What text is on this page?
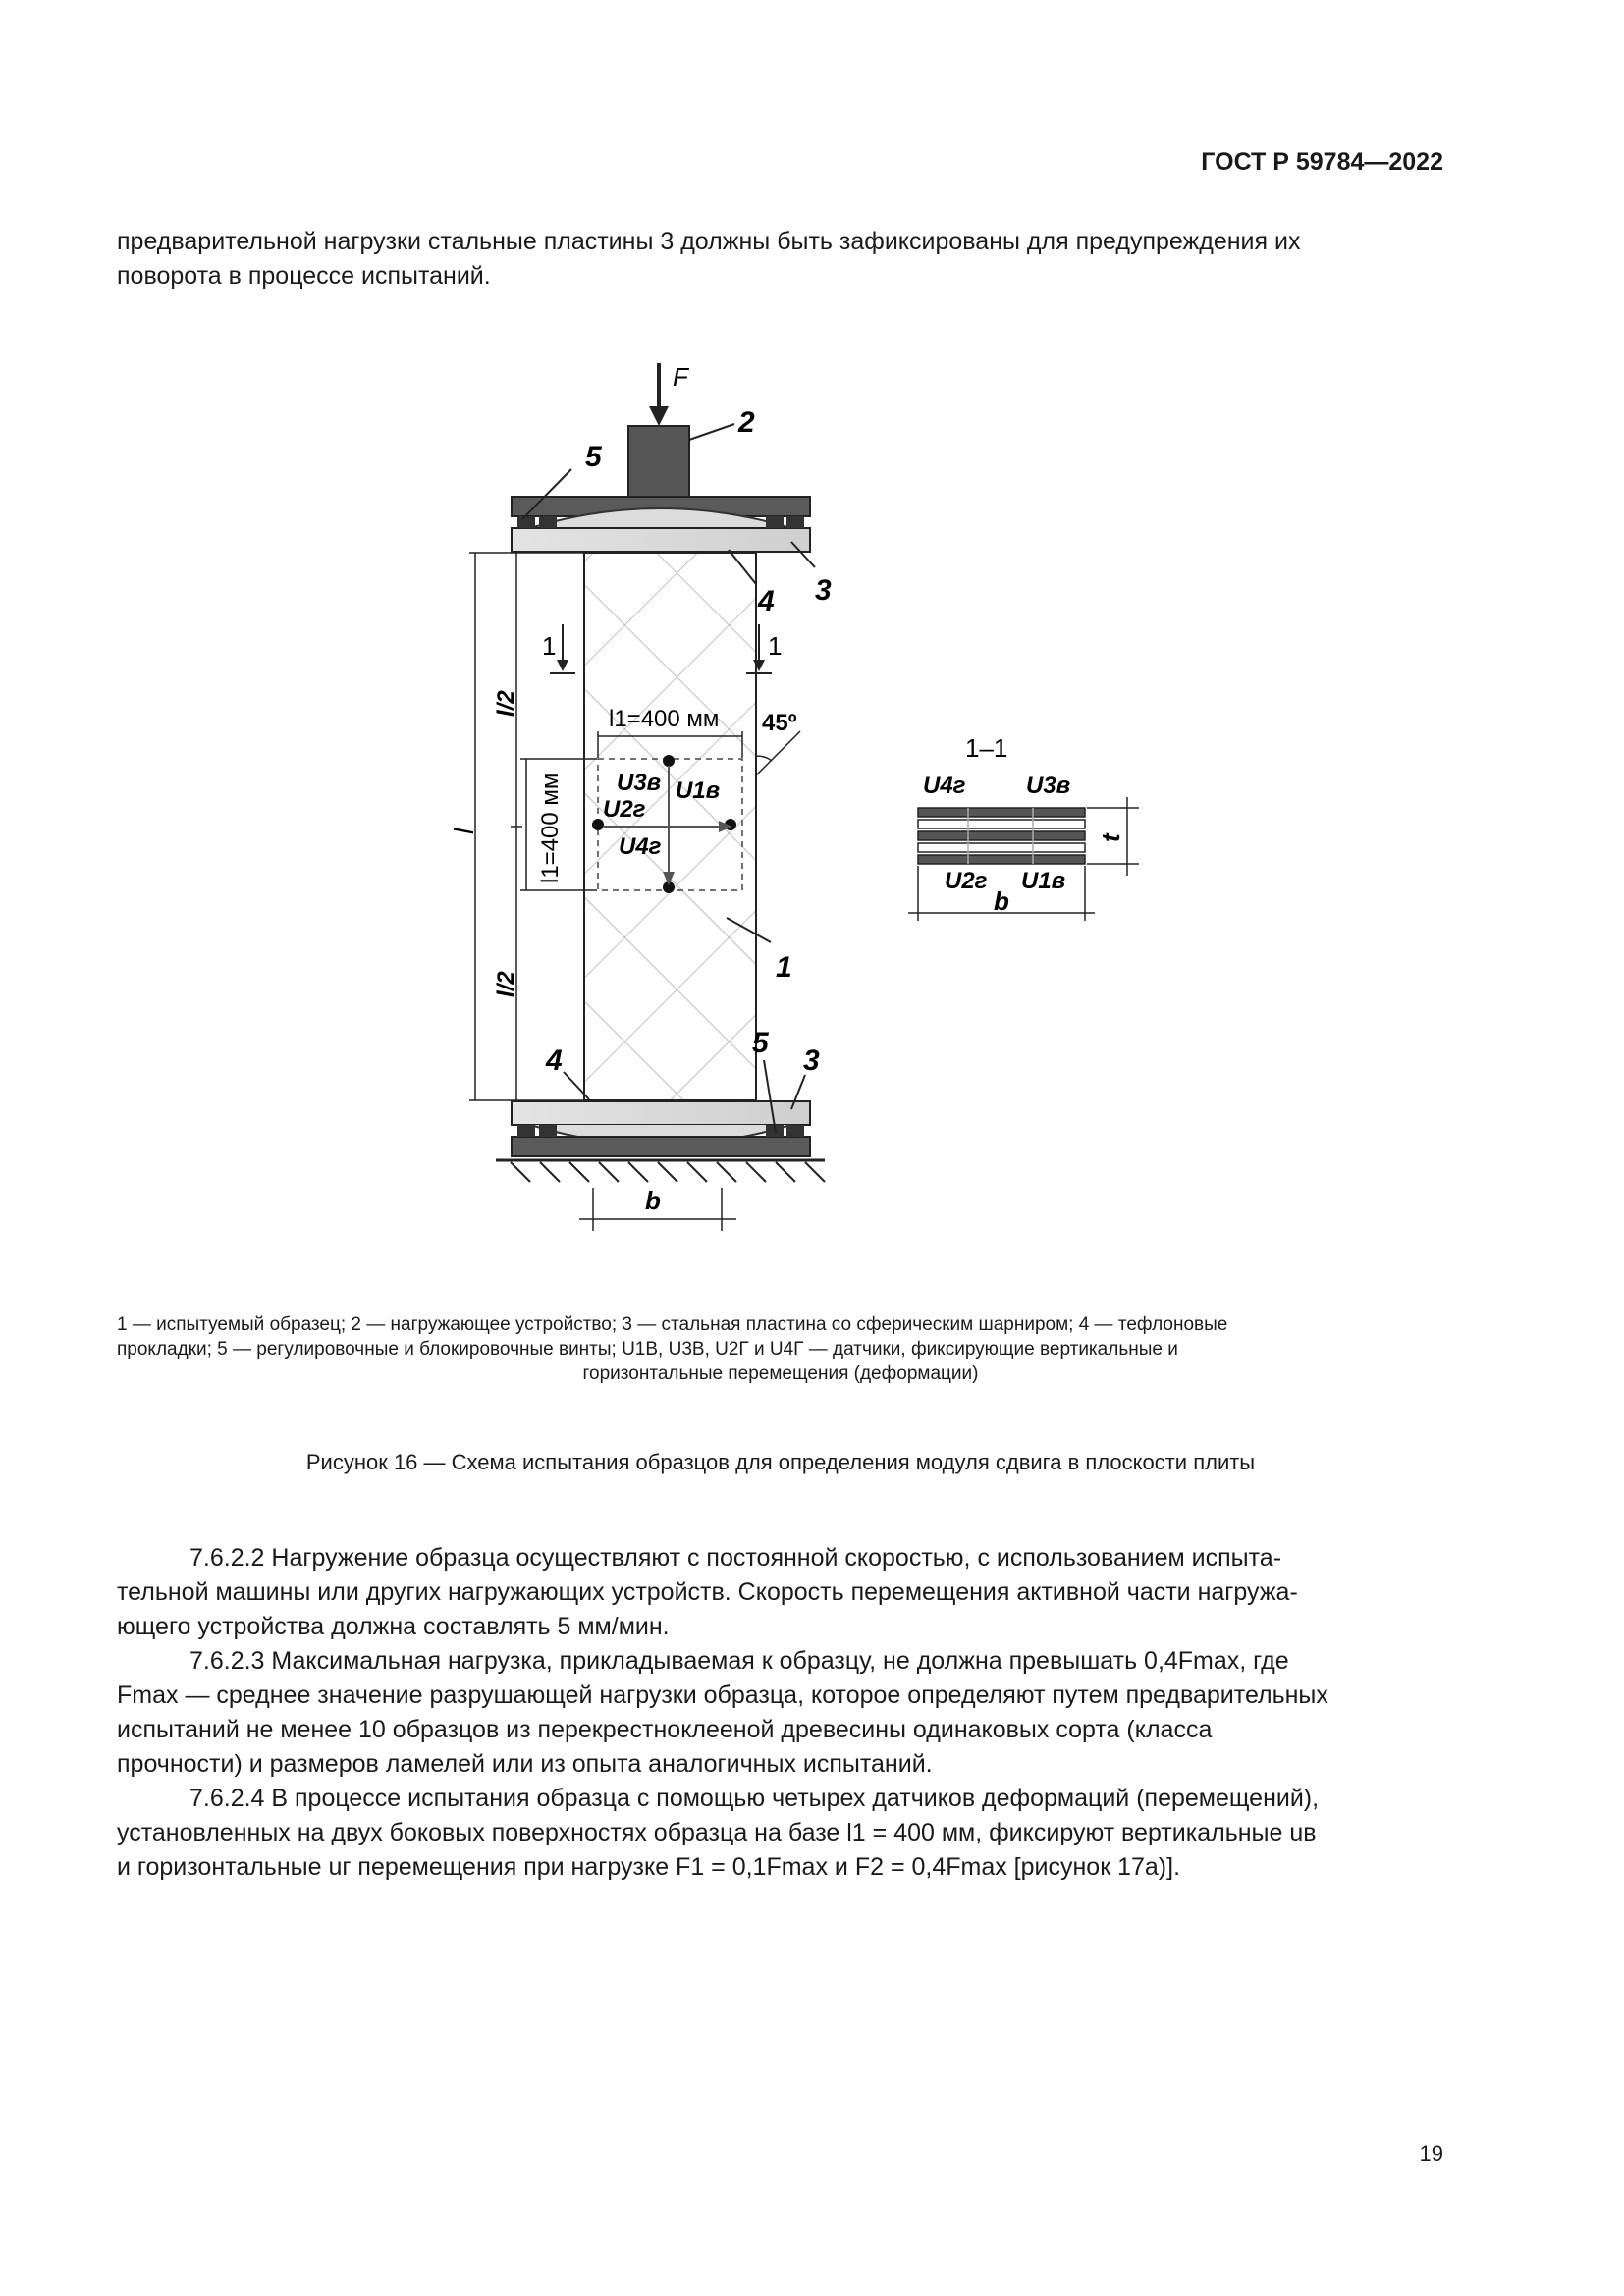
ГОСТ Р 59784—2022

предварительной нагрузки стальные пластины 3 должны быть зафиксированы для предупреждения их

поворота в процессе испытаний.

F
2
5
U3в U1в
U2г
U4г
l1=400 мм 45º
l1=400 мм
l
l/2
l/2
1	1
4 3
1
4
5
3
b
1–1
U4г	U3в
U2г U1в
b
t
1 — испытуемый образец; 2 — нагружающее устройство; 3 — стальная пластина со сферическим шарниром; 4 — тефлоновые
прокладки; 5 — регулировочные и блокировочные винты; U1В, U3В, U2Г и U4Г — датчики, фиксирующие вертикальные и
горизонтальные перемещения (деформации)
Рисунок 16 — Схема испытания образцов для определения модуля сдвига в плоскости плиты

7.6.2.2 Нагружение образца осуществляют с постоянной скоростью, с использованием испыта-

тельной машины или других нагружающих устройств. Скорость перемещения активной части нагружа-

ющего устройства должна составлять 5 мм/мин.

7.6.2.3 Максимальная нагрузка, прикладываемая к образцу, не должна превышать 0,4Fmax, где

Fmax — среднее значение разрушающей нагрузки образца, которое определяют путем предварительных

испытаний не менее 10 образцов из перекрестноклееной древесины одинаковых сорта (класса

прочности) и размеров ламелей или из опыта аналогичных испытаний.

7.6.2.4 В процессе испытания образца с помощью четырех датчиков деформаций (перемещений),

установленных на двух боковых поверхностях образца на базе l1 = 400 мм, фиксируют вертикальные uв

и горизонтальные uг перемещения при нагрузке F1 = 0,1Fmax и F2 = 0,4Fmax [рисунок 17а)].

19
